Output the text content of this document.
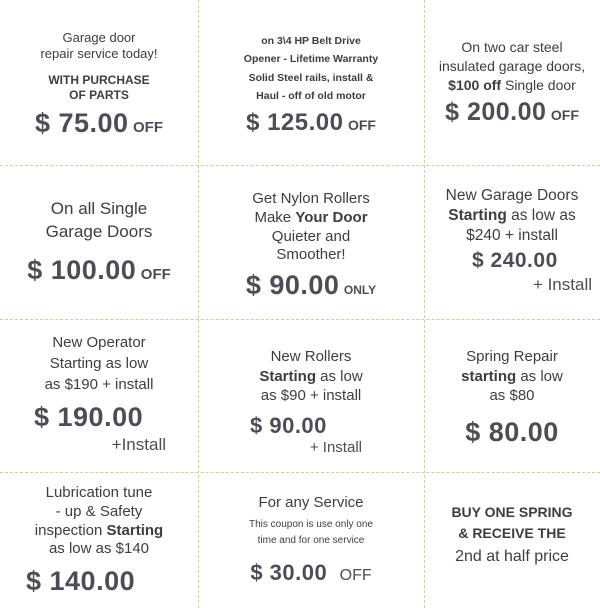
Garage door
repair service today!
WITH PURCHASE
OF PARTS
$ 75.00 OFF
on 3\4 HP Belt Drive
Opener - Lifetime Warranty
Solid Steel rails, install &
Haul - off of old motor
$ 125.00 OFF
On two car steel
insulated garage doors,
$100 off Single door
$ 200.00 OFF
On all Single
Garage Doors
$ 100.00 OFF
Get Nylon Rollers
Make Your Door
Quieter and
Smoother!
$ 90.00 ONLY
New Garage Doors
Starting as low as
$240 + install
$ 240.00
+ Install
New Operator
Starting as low
as $190 + install
$ 190.00
+Install
New Rollers
Starting as low
as $90 + install
$ 90.00
+ Install
Spring Repair
starting as low
as $80
$ 80.00
Lubrication tune
- up & Safety
inspection Starting
as low as $140
$ 140.00
For any Service
This coupon is use only one
time and for one service
$ 30.00 OFF
BUY ONE SPRING
& RECEIVE THE
2nd at half price
